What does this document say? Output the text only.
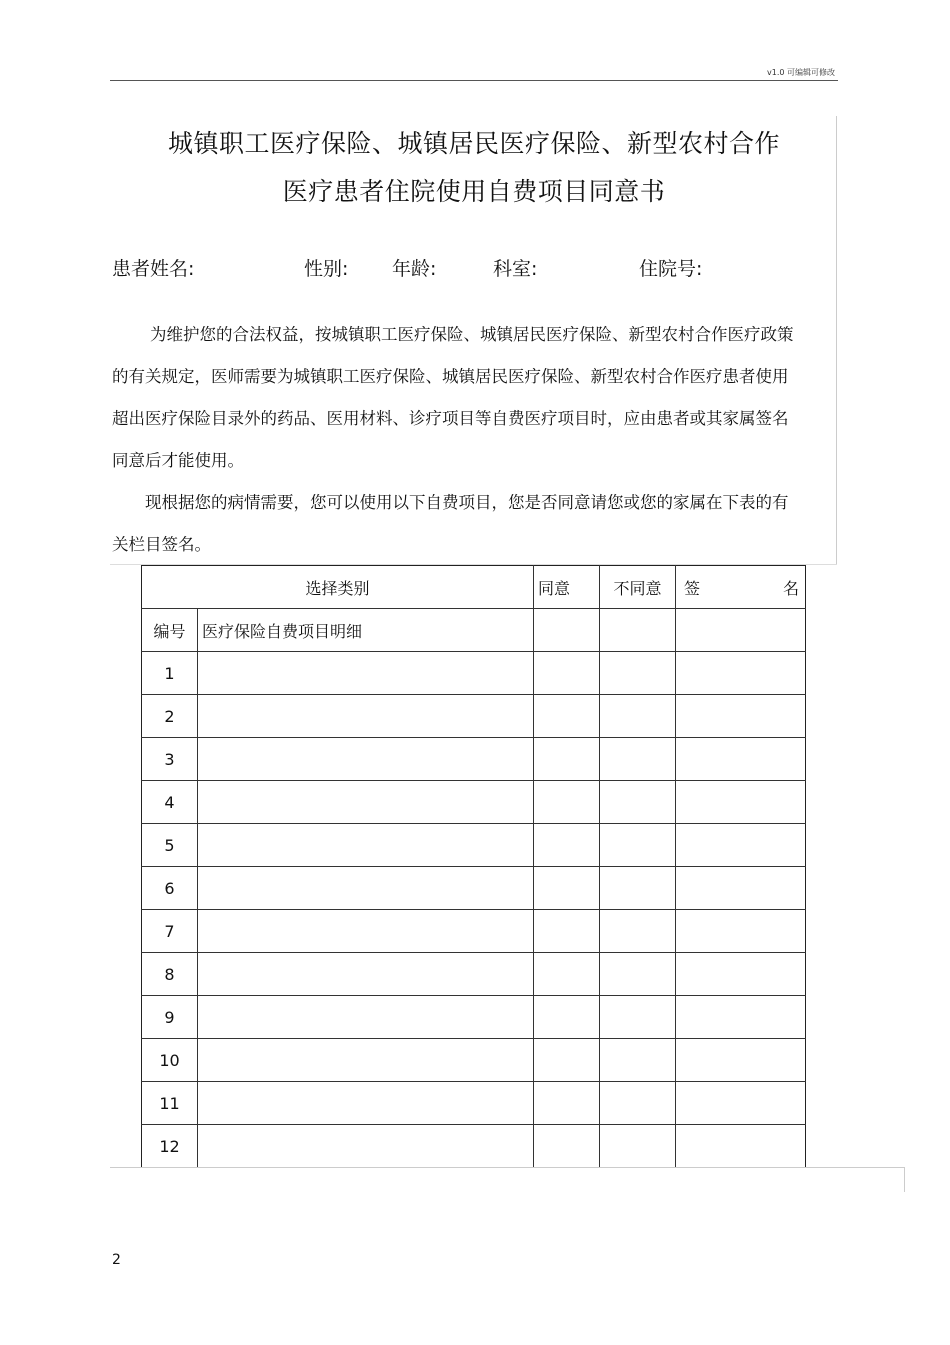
v1.0 可编辑可修改
城镇职工医疗保险、城镇居民医疗保险、新型农村合作
医疗患者住院使用自费项目同意书
患者姓名:	性别: 年龄:	科室:	住院号:
为维护您的合法权益，按城镇职工医疗保险、城镇居民医疗保险、新型农村合作医疗政策的有关规定，医师需要为城镇职工医疗保险、城镇居民医疗保险、新型农村合作医疗患者使用超出医疗保险目录外的药品、医用材料、诊疗项目等自费医疗项目时，应由患者或其家属签名同意后才能使用。
现根据您的病情需要，您可以使用以下自费项目，您是否同意请您或您的家属在下表的有关栏目签名。
选择类别		同意	不同意	签 名

编号	医疗保险自费项目明细			
1				
2				
3				
4				
5				
6				
7				
8				
9				
10				
11				
12				
2
